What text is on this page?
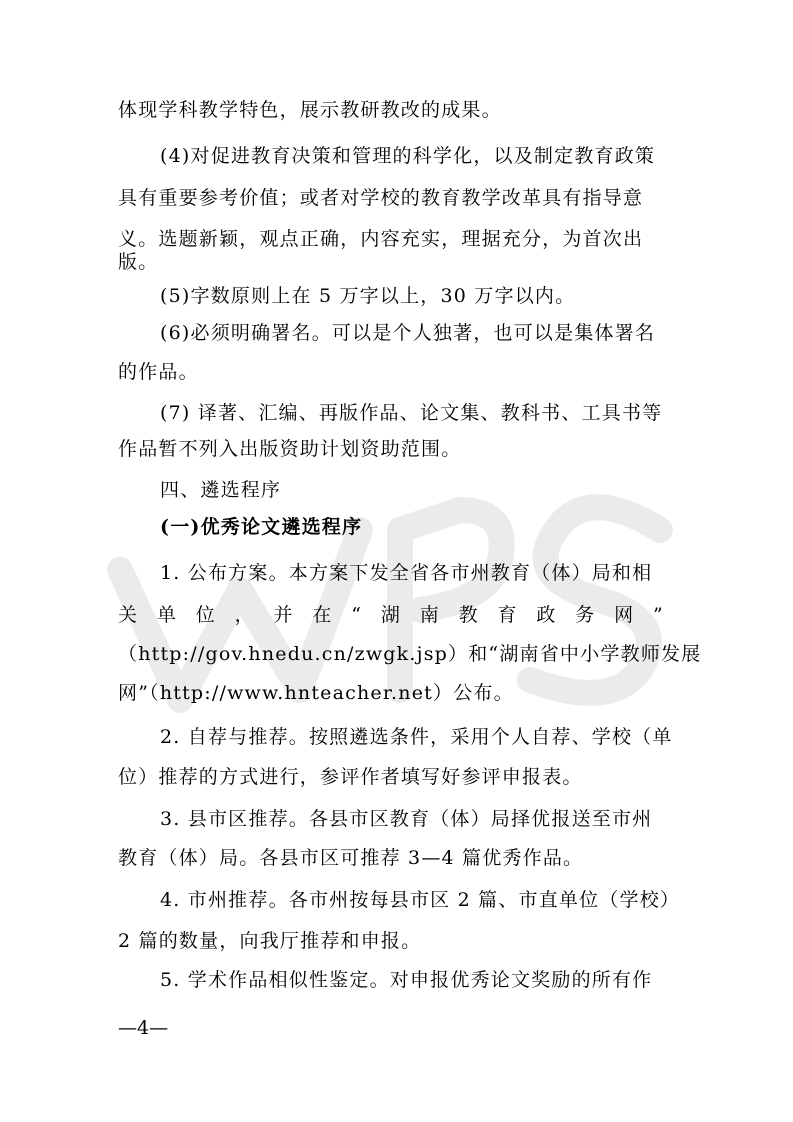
体现学科教学特色，展示教研教改的成果。
(4)对促进教育决策和管理的科学化，以及制定教育政策
具有重要参考价值；或者对学校的教育教学改革具有指导意
义。选题新颖，观点正确，内容充实，理据充分，为首次出
版。
(5)字数原则上在 5 万字以上，30 万字以内。
(6)必须明确署名。可以是个人独著，也可以是集体署名
的作品。
(7) 译著、汇编、再版作品、论文集、教科书、工具书等
作品暂不列入出版资助计划资助范围。
四、遴选程序
(一)优秀论文遴选程序
1. 公布方案。本方案下发全省各市州教育（体）局和相
关 单 位 ， 并 在 “ 湖 南 教 育 政 务 网 ”
（http://gov.hnedu.cn/zwgk.jsp）和“湖南省中小学教师发展
网”（http://www.hnteacher.net）公布。
2. 自荐与推荐。按照遴选条件，采用个人自荐、学校（单
位）推荐的方式进行，参评作者填写好参评申报表。
3. 县市区推荐。各县市区教育（体）局择优报送至市州
教育（体）局。各县市区可推荐 3—4 篇优秀作品。
4. 市州推荐。各市州按每县市区 2 篇、市直单位（学校）
2 篇的数量，向我厅推荐和申报。
5. 学术作品相似性鉴定。对申报优秀论文奖励的所有作
—4—
